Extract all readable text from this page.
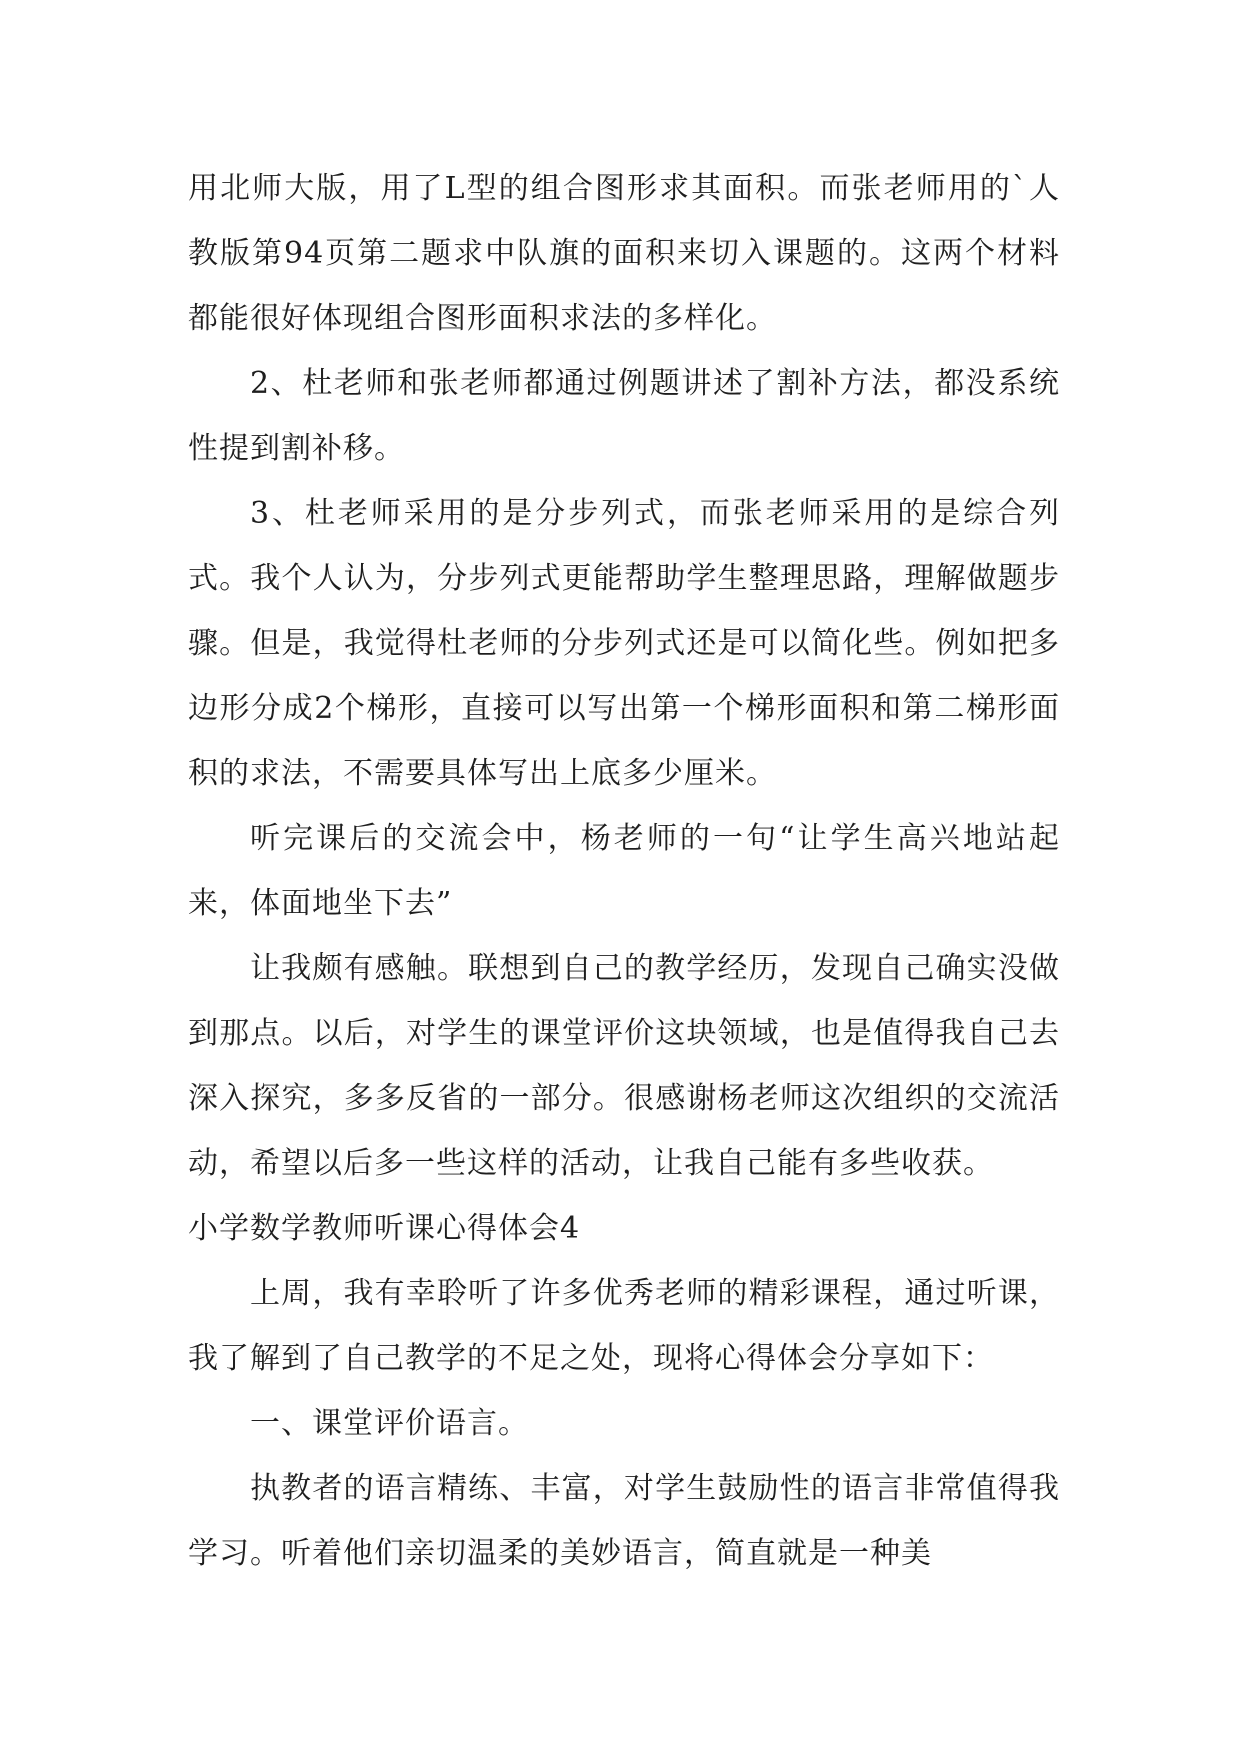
用北师大版，用了L型的组合图形求其面积。而张老师用的`人教版第94页第二题求中队旗的面积来切入课题的。这两个材料都能很好体现组合图形面积求法的多样化。

2、杜老师和张老师都通过例题讲述了割补方法，都没系统性提到割补移。

3、杜老师采用的是分步列式，而张老师采用的是综合列式。我个人认为，分步列式更能帮助学生整理思路，理解做题步骤。但是，我觉得杜老师的分步列式还是可以简化些。例如把多边形分成2个梯形，直接可以写出第一个梯形面积和第二梯形面积的求法，不需要具体写出上底多少厘米。

听完课后的交流会中，杨老师的一句“让学生高兴地站起来，体面地坐下去”

让我颇有感触。联想到自己的教学经历，发现自己确实没做到那点。以后，对学生的课堂评价这块领域，也是值得我自己去深入探究，多多反省的一部分。很感谢杨老师这次组织的交流活动，希望以后多一些这样的活动，让我自己能有多些收获。

小学数学教师听课心得体会4

上周，我有幸聆听了许多优秀老师的精彩课程，通过听课，我了解到了自己教学的不足之处，现将心得体会分享如下：

一、课堂评价语言。

执教者的语言精练、丰富，对学生鼓励性的语言非常值得我学习。听着他们亲切温柔的美妙语言，简直就是一种美
